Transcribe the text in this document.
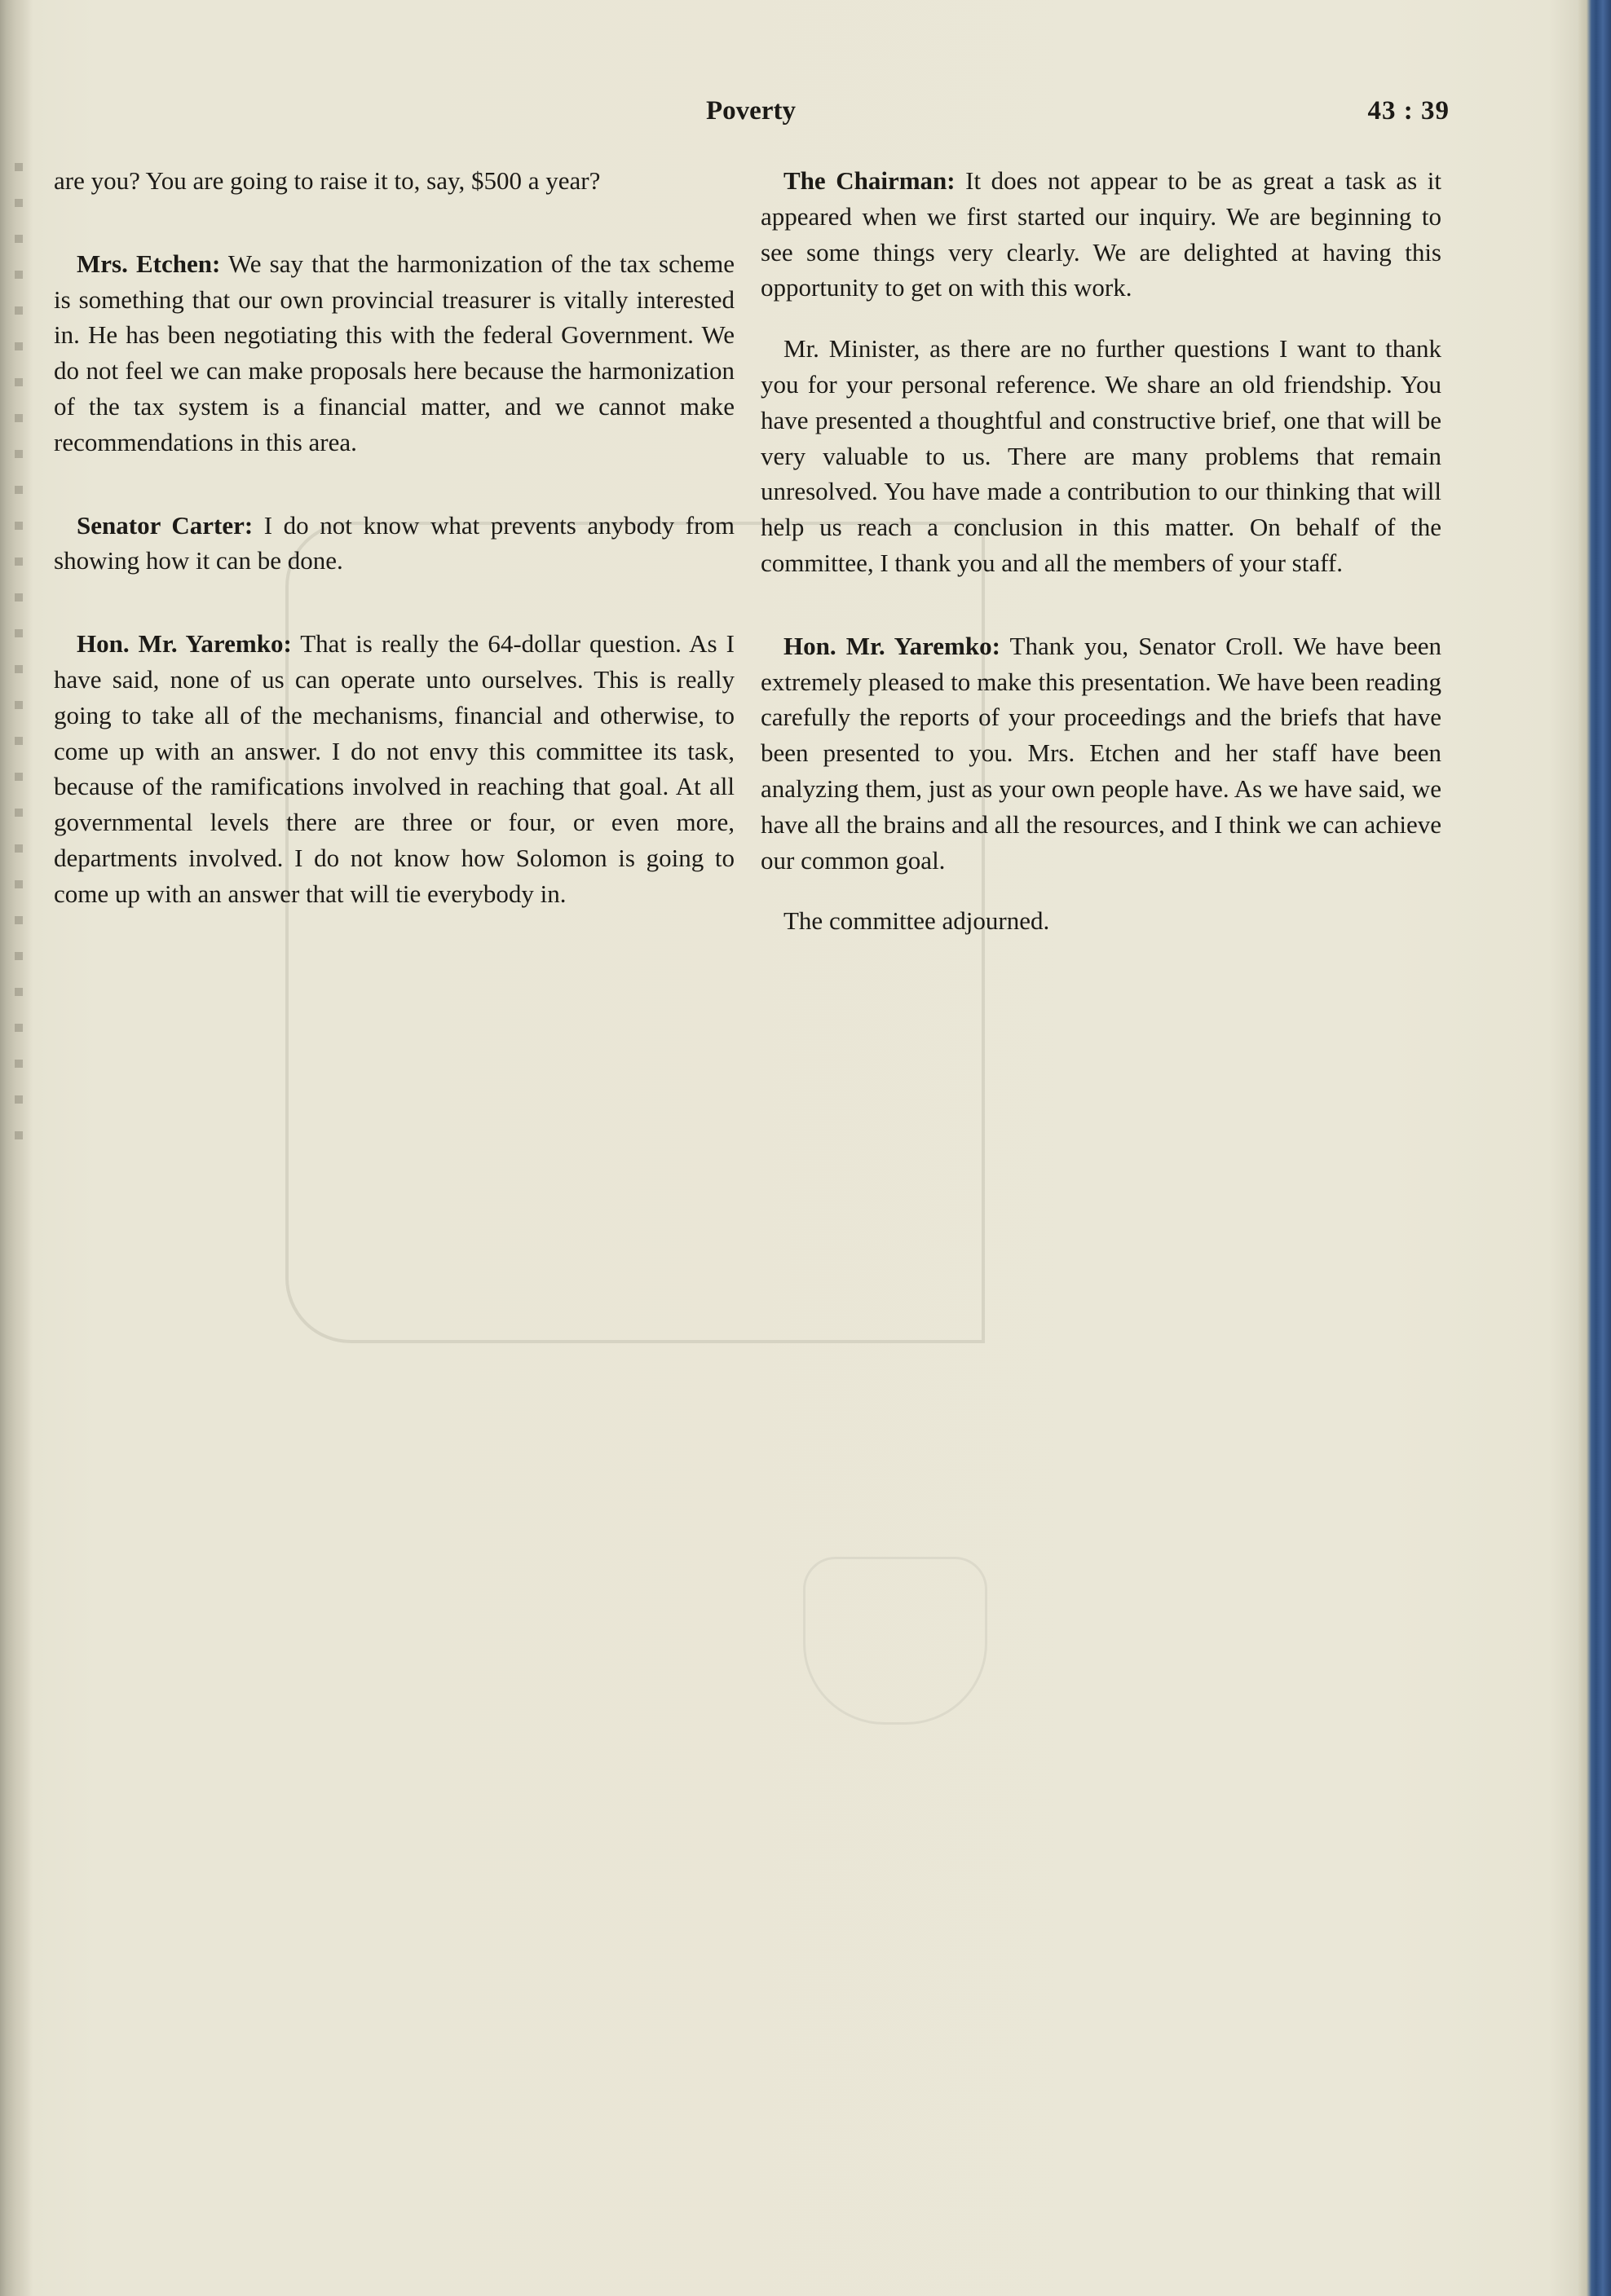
Poverty	43 : 39

are you? You are going to raise it to, say, $500 a year?

Mrs. Etchen: We say that the harmonization of the tax scheme is something that our own provincial treasurer is vitally interested in. He has been negotiating this with the federal Government. We do not feel we can make proposals here because the harmonization of the tax system is a financial matter, and we cannot make recommendations in this area.

Senator Carter: I do not know what prevents anybody from showing how it can be done.

Hon. Mr. Yaremko: That is really the 64-dollar question. As I have said, none of us can operate unto ourselves. This is really going to take all of the mechanisms, financial and otherwise, to come up with an answer. I do not envy this committee its task, because of the ramifications involved in reaching that goal. At all governmental levels there are three or four, or even more, departments involved. I do not know how Solomon is going to come up with an answer that will tie everybody in.

The Chairman: It does not appear to be as great a task as it appeared when we first started our inquiry. We are beginning to see some things very clearly. We are delighted at having this opportunity to get on with this work.

Mr. Minister, as there are no further questions I want to thank you for your personal reference. We share an old friendship. You have presented a thoughtful and constructive brief, one that will be very valuable to us. There are many problems that remain unresolved. You have made a contribution to our thinking that will help us reach a conclusion in this matter. On behalf of the committee, I thank you and all the members of your staff.

Hon. Mr. Yaremko: Thank you, Senator Croll. We have been extremely pleased to make this presentation. We have been reading carefully the reports of your proceedings and the briefs that have been presented to you. Mrs. Etchen and her staff have been analyzing them, just as your own people have. As we have said, we have all the brains and all the resources, and I think we can achieve our common goal.

The committee adjourned.
